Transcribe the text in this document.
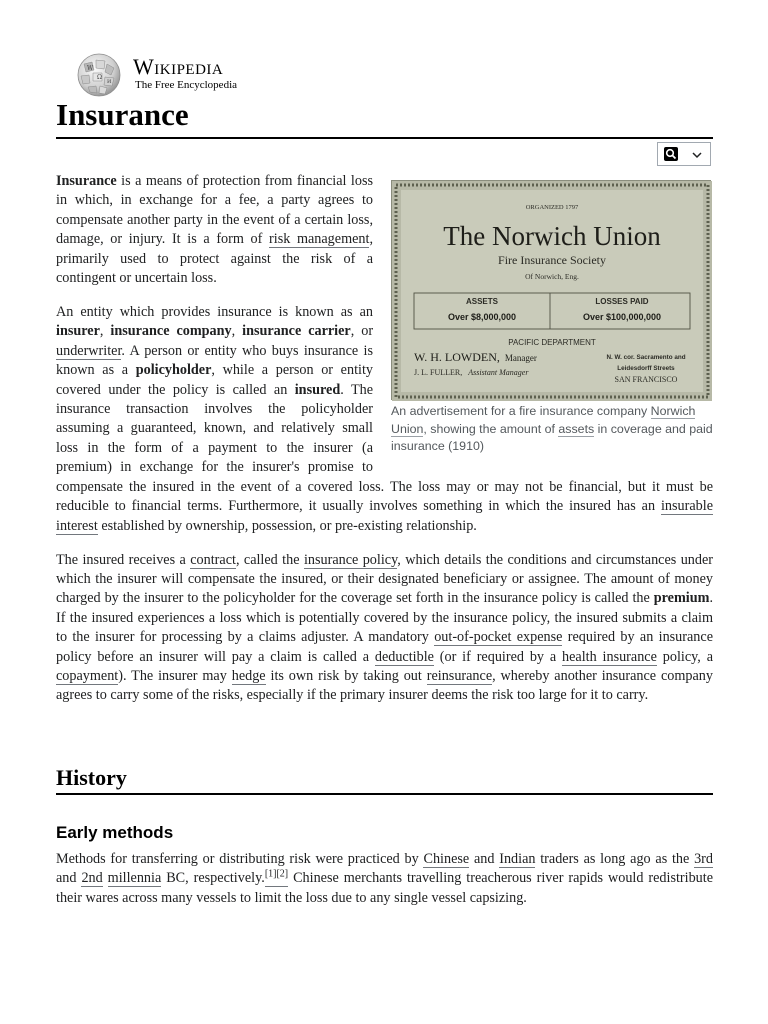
W
Ω
И
Wikipedia
The Free Encyclopedia
Insurance
ORGANIZED 1797
The Norwich Union
Fire Insurance Society
Of Norwich, Eng.
ASSETS
Over $8,000,000
LOSSES PAID
Over $100,000,000
PACIFIC DEPARTMENT
W. H. LOWDEN, Manager
J. L. FULLER, Assistant Manager
N. W. cor. Sacramento and
Leidesdorff Streets
SAN FRANCISCO
An advertisement for a fire insurance company Norwich Union, showing the amount of assets in coverage and paid insurance (1910)

Insurance is a means of protection from financial loss in which, in exchange for a fee, a party agrees to compensate another party in the event of a certain loss, damage, or injury. It is a form of risk management, primarily used to protect against the risk of a contingent or uncertain loss.

An entity which provides insurance is known as an insurer, insurance company, insurance carrier, or underwriter. A person or entity who buys insurance is known as a policyholder, while a person or entity covered under the policy is called an insured. The insurance transaction involves the policyholder assuming a guaranteed, known, and relatively small loss in the form of a payment to the insurer (a premium) in exchange for the insurer's promise to compensate the insured in the event of a covered loss. The loss may or may not be financial, but it must be reducible to financial terms. Furthermore, it usually involves something in which the insured has an insurable interest established by ownership, possession, or pre-existing relationship.

The insured receives a contract, called the insurance policy, which details the conditions and circumstances under which the insurer will compensate the insured, or their designated beneficiary or assignee. The amount of money charged by the insurer to the policyholder for the coverage set forth in the insurance policy is called the premium. If the insured experiences a loss which is potentially covered by the insurance policy, the insured submits a claim to the insurer for processing by a claims adjuster. A mandatory out-of-pocket expense required by an insurance policy before an insurer will pay a claim is called a deductible (or if required by a health insurance policy, a copayment). The insurer may hedge its own risk by taking out reinsurance, whereby another insurance company agrees to carry some of the risks, especially if the primary insurer deems the risk too large for it to carry.

History
Early methods

Methods for transferring or distributing risk were practiced by Chinese and Indian traders as long ago as the 3rd and 2nd millennia BC, respectively.[1][2] Chinese merchants travelling treacherous river rapids would redistribute their wares across many vessels to limit the loss due to any single vessel capsizing.
